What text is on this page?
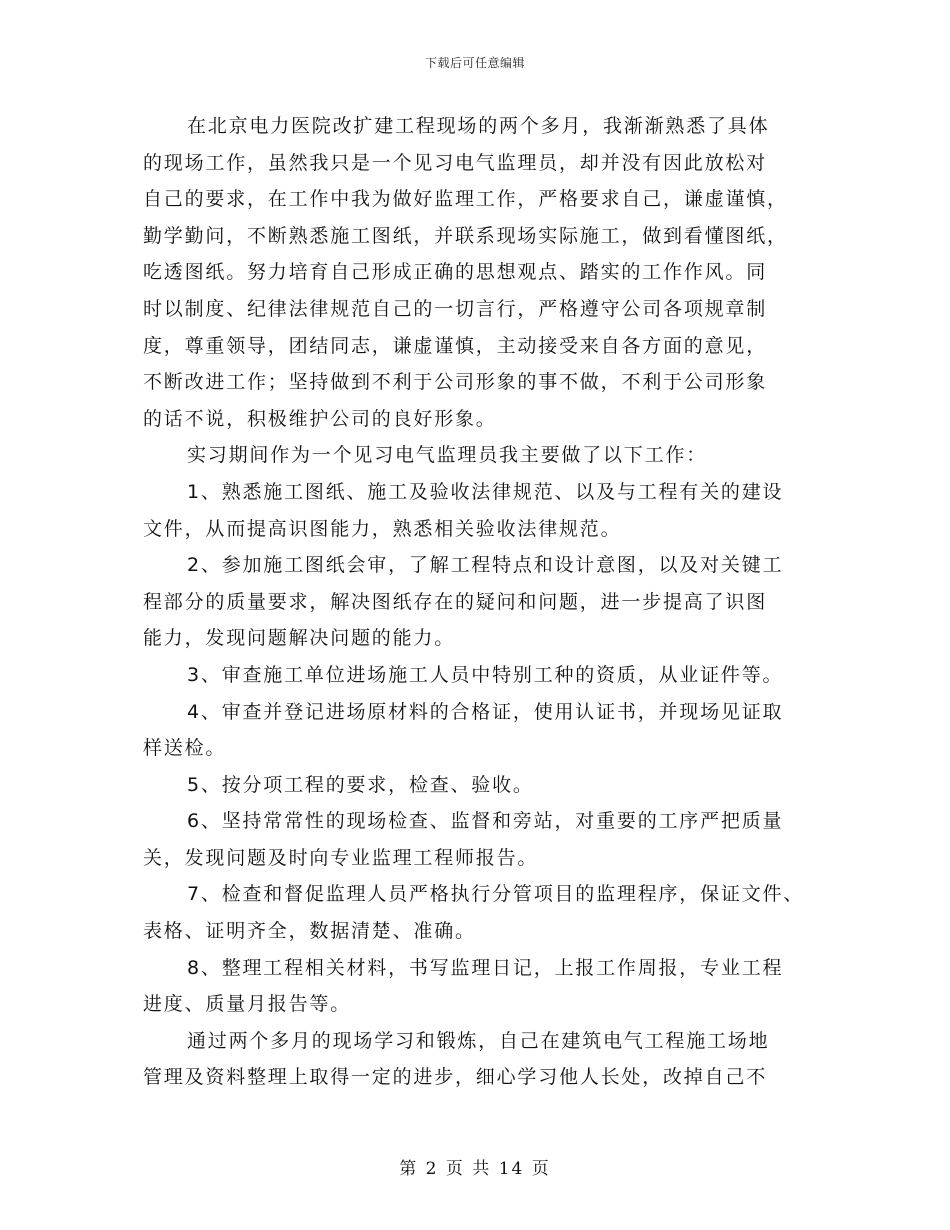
下载后可任意编辑
在北京电力医院改扩建工程现场的两个多月，我渐渐熟悉了具体
的现场工作，虽然我只是一个见习电气监理员，却并没有因此放松对
自己的要求，在工作中我为做好监理工作，严格要求自己，谦虚谨慎，
勤学勤问，不断熟悉施工图纸，并联系现场实际施工，做到看懂图纸，
吃透图纸。努力培育自己形成正确的思想观点、踏实的工作作风。同
时以制度、纪律法律规范自己的一切言行，严格遵守公司各项规章制
度，尊重领导，团结同志，谦虚谨慎，主动接受来自各方面的意见，
不断改进工作；坚持做到不利于公司形象的事不做，不利于公司形象
的话不说，积极维护公司的良好形象。
实习期间作为一个见习电气监理员我主要做了以下工作：
1、熟悉施工图纸、施工及验收法律规范、以及与工程有关的建设
文件，从而提高识图能力，熟悉相关验收法律规范。
2、参加施工图纸会审，了解工程特点和设计意图，以及对关键工
程部分的质量要求，解决图纸存在的疑问和问题，进一步提高了识图
能力，发现问题解决问题的能力。
3、审查施工单位进场施工人员中特别工种的资质，从业证件等。
4、审查并登记进场原材料的合格证，使用认证书，并现场见证取
样送检。
5、按分项工程的要求，检查、验收。
6、坚持常常性的现场检查、监督和旁站，对重要的工序严把质量
关，发现问题及时向专业监理工程师报告。
7、检查和督促监理人员严格执行分管项目的监理程序，保证文件、
表格、证明齐全，数据清楚、准确。
8、整理工程相关材料，书写监理日记，上报工作周报，专业工程
进度、质量月报告等。
通过两个多月的现场学习和锻炼，自己在建筑电气工程施工场地
管理及资料整理上取得一定的进步，细心学习他人长处，改掉自己不
第 2 页 共 14 页
